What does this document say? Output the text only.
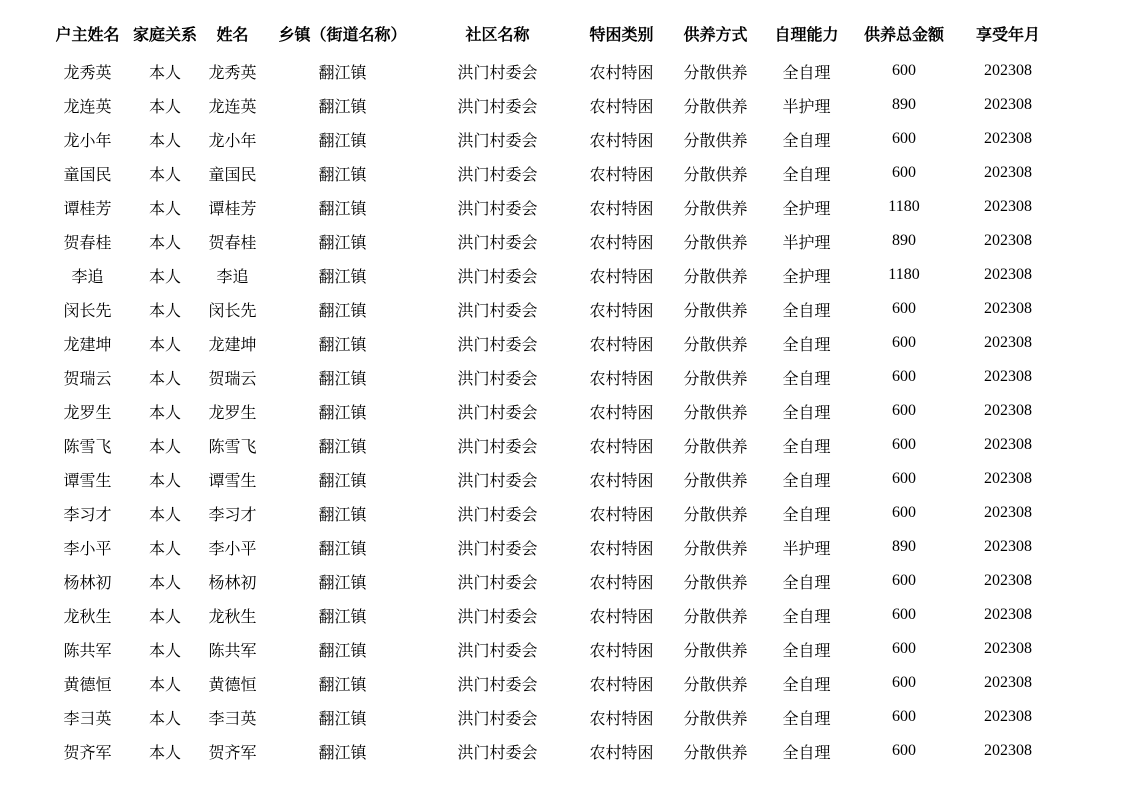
户主姓名	家庭关系	姓名	乡镇（街道名称）	社区名称	特困类别	供养方式	自理能力	供养总金额	享受年月
龙秀英	本人	龙秀英	翻江镇	洪门村委会	农村特困	分散供养	全自理	600	202308
龙连英	本人	龙连英	翻江镇	洪门村委会	农村特困	分散供养	半护理	890	202308
龙小年	本人	龙小年	翻江镇	洪门村委会	农村特困	分散供养	全自理	600	202308
童国民	本人	童国民	翻江镇	洪门村委会	农村特困	分散供养	全自理	600	202308
谭桂芳	本人	谭桂芳	翻江镇	洪门村委会	农村特困	分散供养	全护理	1180	202308
贺春桂	本人	贺春桂	翻江镇	洪门村委会	农村特困	分散供养	半护理	890	202308
李追	本人	李追	翻江镇	洪门村委会	农村特困	分散供养	全护理	1180	202308
闵长先	本人	闵长先	翻江镇	洪门村委会	农村特困	分散供养	全自理	600	202308
龙建坤	本人	龙建坤	翻江镇	洪门村委会	农村特困	分散供养	全自理	600	202308
贺瑞云	本人	贺瑞云	翻江镇	洪门村委会	农村特困	分散供养	全自理	600	202308
龙罗生	本人	龙罗生	翻江镇	洪门村委会	农村特困	分散供养	全自理	600	202308
陈雪飞	本人	陈雪飞	翻江镇	洪门村委会	农村特困	分散供养	全自理	600	202308
谭雪生	本人	谭雪生	翻江镇	洪门村委会	农村特困	分散供养	全自理	600	202308
李习才	本人	李习才	翻江镇	洪门村委会	农村特困	分散供养	全自理	600	202308
李小平	本人	李小平	翻江镇	洪门村委会	农村特困	分散供养	半护理	890	202308
杨林初	本人	杨林初	翻江镇	洪门村委会	农村特困	分散供养	全自理	600	202308
龙秋生	本人	龙秋生	翻江镇	洪门村委会	农村特困	分散供养	全自理	600	202308
陈共军	本人	陈共军	翻江镇	洪门村委会	农村特困	分散供养	全自理	600	202308
黄德恒	本人	黄德恒	翻江镇	洪门村委会	农村特困	分散供养	全自理	600	202308
李彐英	本人	李彐英	翻江镇	洪门村委会	农村特困	分散供养	全自理	600	202308
贺齐军	本人	贺齐军	翻江镇	洪门村委会	农村特困	分散供养	全自理	600	202308
